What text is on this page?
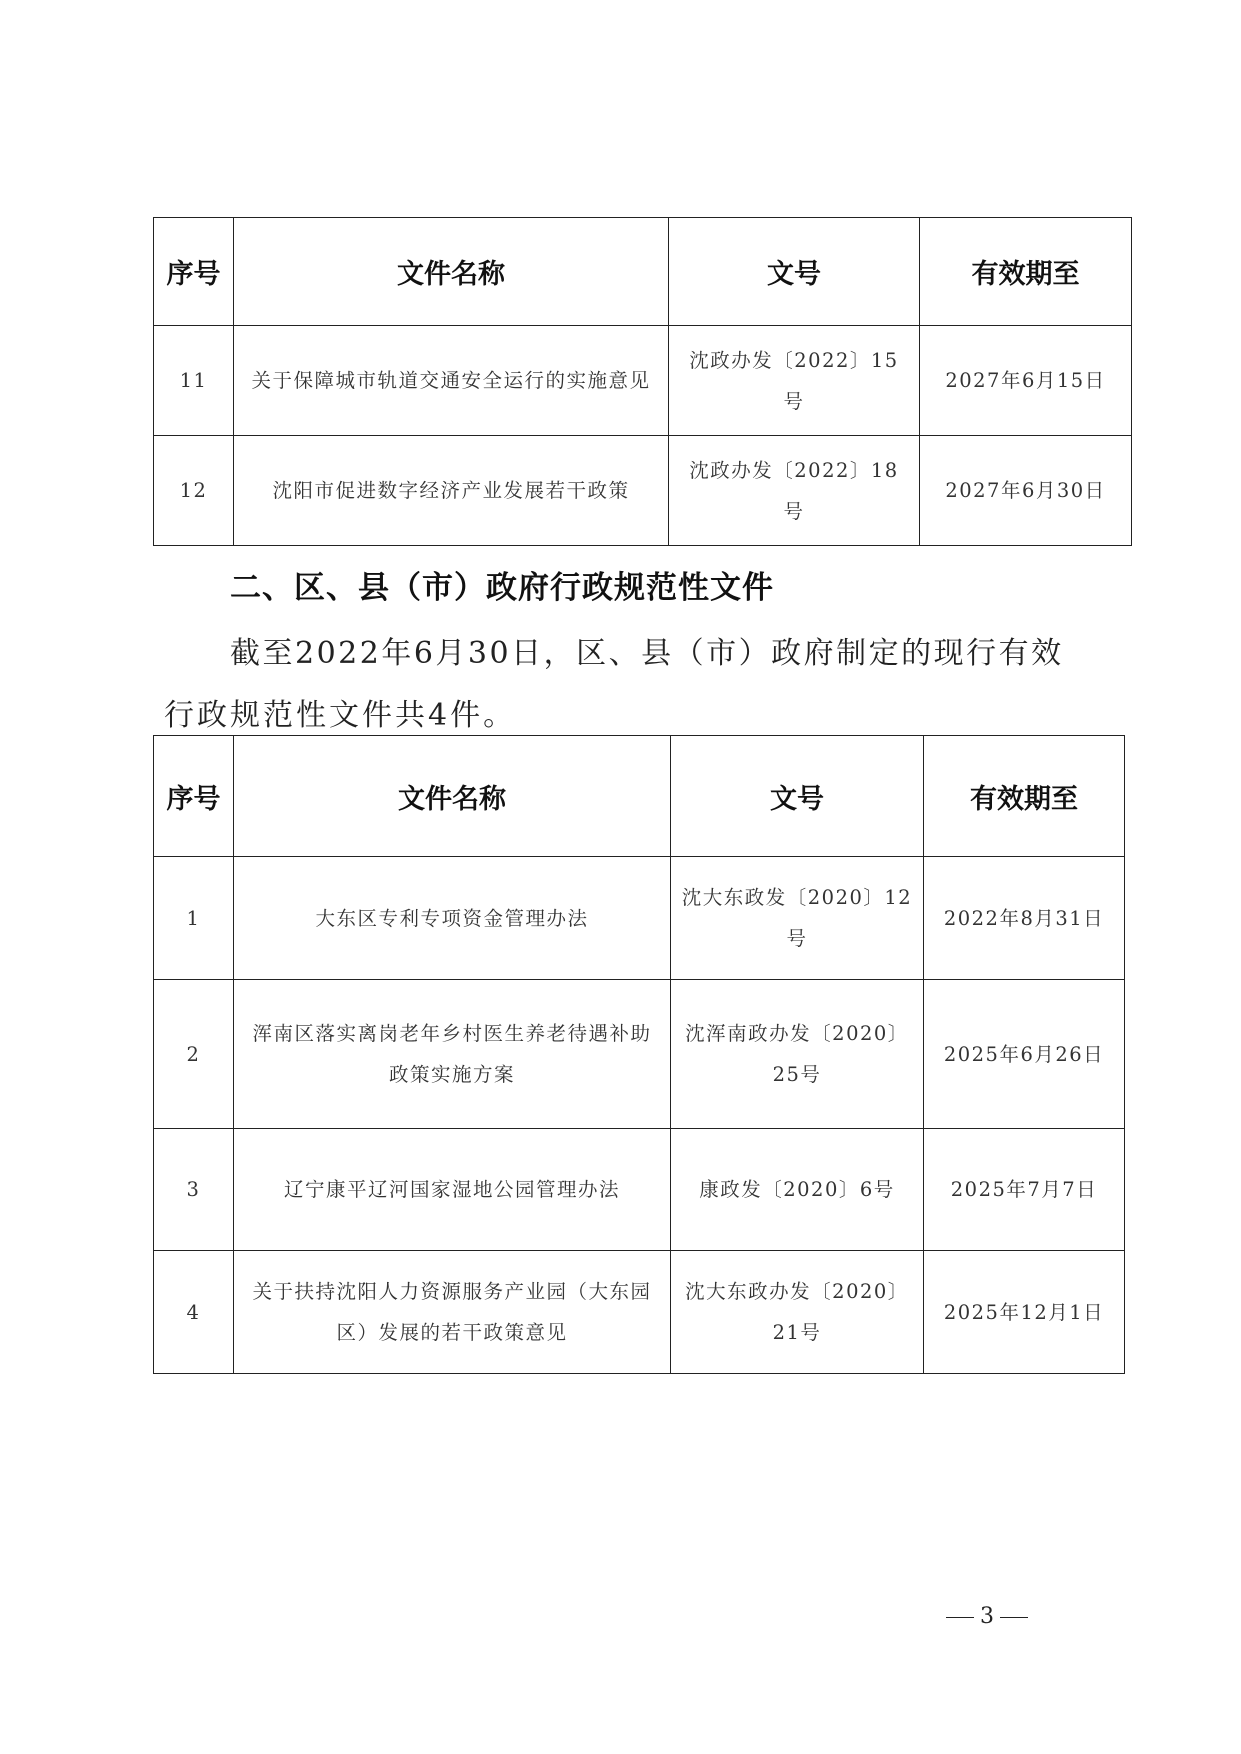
序号	文件名称	文号	有效期至
11	关于保障城市轨道交通安全运行的实施意见	沈政办发〔2022〕15号	2027年6月15日
12	沈阳市促进数字经济产业发展若干政策	沈政办发〔2022〕18号	2027年6月30日
二、区、县（市）政府行政规范性文件

截至2022年6月30日，区、县（市）政府制定的现行有效

行政规范性文件共4件。

序号	文件名称	文号	有效期至
1	大东区专利专项资金管理办法	沈大东政发〔2020〕12号	2022年8月31日
2	浑南区落实离岗老年乡村医生养老待遇补助政策实施方案	沈浑南政办发〔2020〕25号	2025年6月26日
3	辽宁康平辽河国家湿地公园管理办法	康政发〔2020〕6号	2025年7月7日
4	关于扶持沈阳人力资源服务产业园（大东园区）发展的若干政策意见	沈大东政办发〔2020〕21号	2025年12月1日
3
